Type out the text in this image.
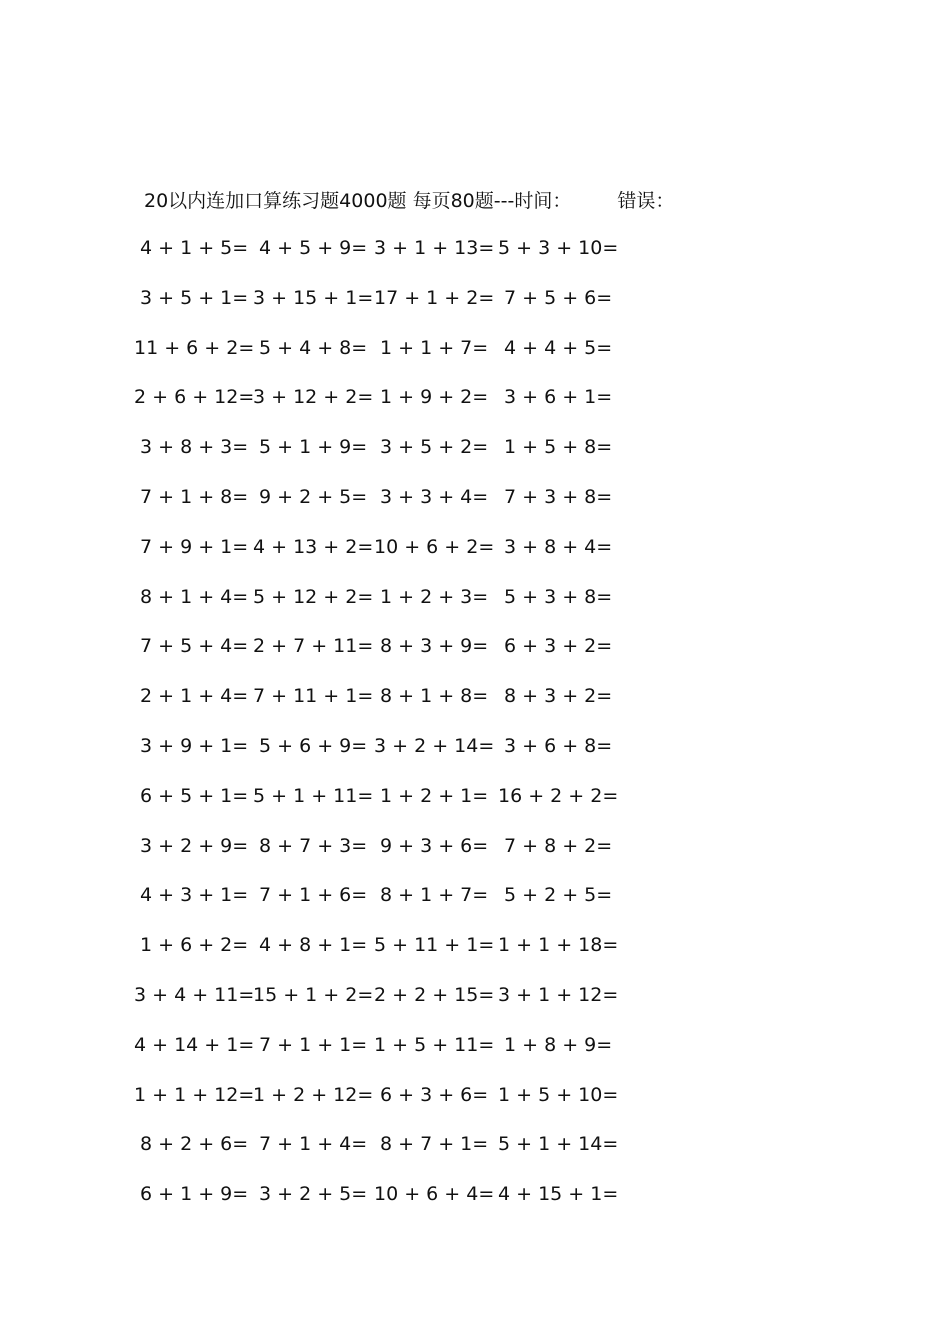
20以内连加口算练习题4000题 每页80题---时间： 错误：
4 + 1 + 5= 4 + 5 + 9= 3 + 1 + 13= 5 + 3 + 10=
3 + 5 + 1= 3 + 15 + 1= 17 + 1 + 2= 7 + 5 + 6=
11 + 6 + 2= 5 + 4 + 8= 1 + 1 + 7= 4 + 4 + 5=
2 + 6 + 12=
3 + 12 + 2= 1 + 9 + 2= 3 + 6 + 1=
3 + 8 + 3= 5 + 1 + 9= 3 + 5 + 2= 1 + 5 + 8=
7 + 1 + 8= 9 + 2 + 5= 3 + 3 + 4= 7 + 3 + 8=
7 + 9 + 1= 4 + 13 + 2= 10 + 6 + 2= 3 + 8 + 4=
8 + 1 + 4= 5 + 12 + 2= 1 + 2 + 3= 5 + 3 + 8=
7 + 5 + 4= 2 + 7 + 11= 8 + 3 + 9= 6 + 3 + 2=
2 + 1 + 4= 7 + 11 + 1= 8 + 1 + 8= 8 + 3 + 2=
3 + 9 + 1= 5 + 6 + 9= 3 + 2 + 14= 3 + 6 + 8=
6 + 5 + 1= 5 + 1 + 11= 1 + 2 + 1= 16 + 2 + 2=
3 + 2 + 9= 8 + 7 + 3= 9 + 3 + 6= 7 + 8 + 2=
4 + 3 + 1= 7 + 1 + 6= 8 + 1 + 7= 5 + 2 + 5=
1 + 6 + 2= 4 + 8 + 1= 5 + 11 + 1= 1 + 1 + 18=
3 + 4 + 11=
15 + 1 + 2= 2 + 2 + 15= 3 + 1 + 12=
4 + 14 + 1= 7 + 1 + 1= 1 + 5 + 11= 1 + 8 + 9=
1 + 1 + 12=
1 + 2 + 12= 6 + 3 + 6= 1 + 5 + 10=
8 + 2 + 6= 7 + 1 + 4= 8 + 7 + 1= 5 + 1 + 14=
6 + 1 + 9= 3 + 2 + 5= 10 + 6 + 4= 4 + 15 + 1=
